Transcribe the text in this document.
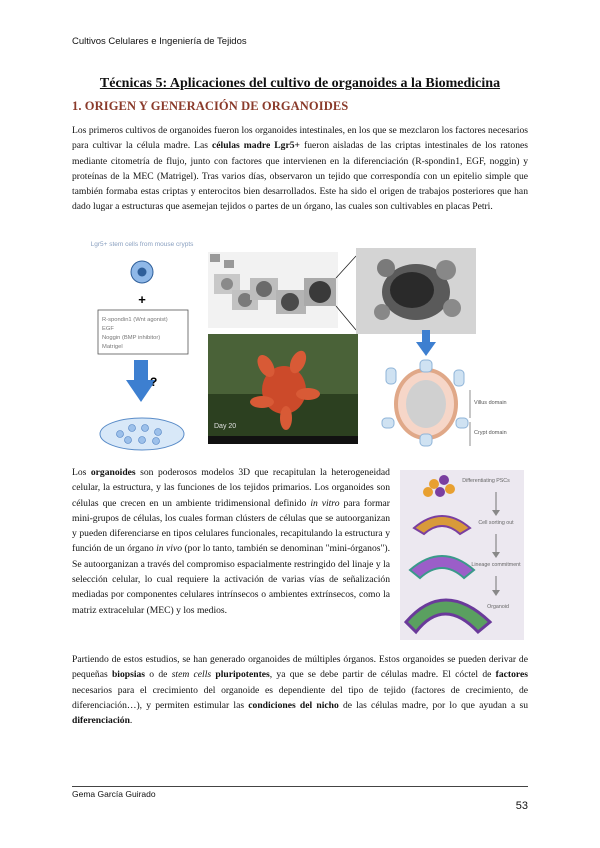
Cultivos Celulares e Ingeniería de Tejidos
Técnicas 5: Aplicaciones del cultivo de organoides a la Biomedicina
1. ORIGEN Y GENERACIÓN DE ORGANOIDES
Los primeros cultivos de organoides fueron los organoides intestinales, en los que se mezclaron los factores necesarios para cultivar la célula madre. Las células madre Lgr5+ fueron aisladas de las criptas intestinales de los ratones mediante citometría de flujo, junto con factores que intervienen en la diferenciación (R-spondin1, EGF, noggin) y proteínas de la MEC (Matrigel). Tras varios días, observaron un tejido que correspondía con un epitelio simple que también formaba estas criptas y enterocitos bien desarrollados. Este ha sido el origen de trabajos posteriores que han dado lugar a estructuras que asemejan tejidos o partes de un órgano, las cuales son cultivables en placas Petri.
Lgr5+ stem cells from mouse crypts
+
R-spondin1 (Wnt agonist)
EGF
Noggin (BMP inhibitor)
Matrigel
?
Day 20
Villus domain
Crypt domain
Los organoides son poderosos modelos 3D que recapitulan la heterogeneidad celular, la estructura, y las funciones de los tejidos primarios. Los organoides son células que crecen en un ambiente tridimensional definido in vitro para formar mini-grupos de células, los cuales forman clústers de células que se autoorganizan y pueden diferenciarse en tipos celulares funcionales, recapitulando la estructura y función de un órgano in vivo (por lo tanto, también se denominan "mini-órganos"). Se autoorganizan a través del compromiso espacialmente restringido del linaje y la selección celular, lo cual requiere la activación de varias vías de señalización mediadas por componentes celulares intrínsecos o ambientes extrínsecos, como la matriz extracelular (MEC) y los medios.
Differentiating PSCs
Cell sorting out
Lineage commitment
Organoid
Partiendo de estos estudios, se han generado organoides de múltiples órganos. Estos organoides se pueden derivar de pequeñas biopsias o de stem cells pluripotentes, ya que se debe partir de células madre. El cóctel de factores necesarios para el crecimiento del organoide es dependiente del tipo de tejido (factores de crecimiento, de diferenciación…), y permiten estimular las condiciones del nicho de las células madre, por lo que ayudan a su diferenciación.
Gema García Guirado
53
